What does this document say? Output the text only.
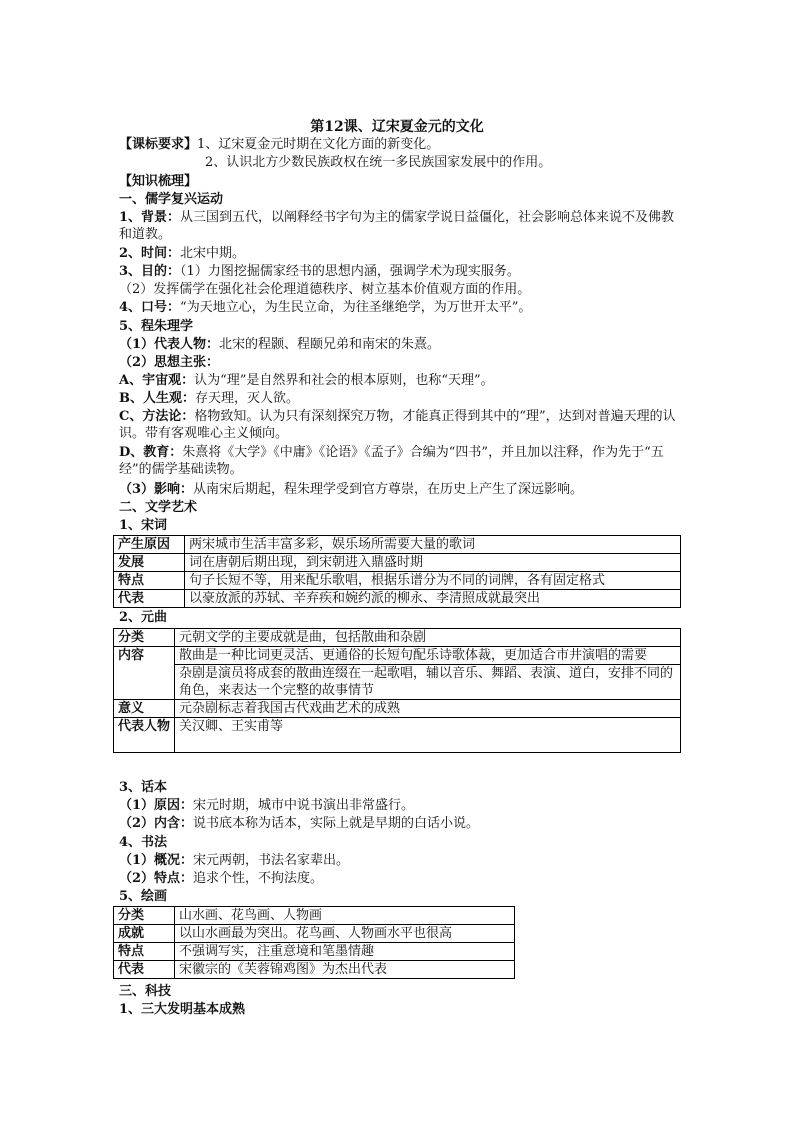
第12课、辽宋夏金元的文化
【课标要求】1、辽宋夏金元时期在文化方面的新变化。
2、认识北方少数民族政权在统一多民族国家发展中的作用。
【知识梳理】
一、儒学复兴运动
1、背景：从三国到五代，以阐释经书字句为主的儒家学说日益僵化，社会影响总体来说不及佛教和道教。
2、时间：北宋中期。
3、目的：（1）力图挖掘儒家经书的思想内涵，强调学术为现实服务。
（2）发挥儒学在强化社会伦理道德秩序、树立基本价值观方面的作用。
4、口号：“为天地立心，为生民立命，为往圣继绝学，为万世开太平”。
5、程朱理学
（1）代表人物：北宋的程颢、程颐兄弟和南宋的朱熹。
（2）思想主张：
A、宇宙观：认为“理”是自然界和社会的根本原则，也称“天理”。
B、人生观：存天理，灭人欲。
C、方法论：格物致知。认为只有深刻探究万物，才能真正得到其中的“理”，达到对普遍天理的认识。带有客观唯心主义倾向。
D、教育：朱熹将《大学》《中庸》《论语》《孟子》合编为“四书”，并且加以注释，作为先于“五经”的儒学基础读物。
（3）影响：从南宋后期起，程朱理学受到官方尊崇，在历史上产生了深远影响。
二、文学艺术
1、宋词
产生原因	两宋城市生活丰富多彩，娱乐场所需要大量的歌词
发展	词在唐朝后期出现，到宋朝进入鼎盛时期
特点	句子长短不等，用来配乐歌唱，根据乐谱分为不同的词牌，各有固定格式
代表	以豪放派的苏轼、辛弃疾和婉约派的柳永、李清照成就最突出
2、元曲
分类	元朝文学的主要成就是曲，包括散曲和杂剧
内容	散曲是一种比词更灵活、更通俗的长短句配乐诗歌体裁，更加适合市井演唱的需要
	杂剧是演员将成套的散曲连缀在一起歌唱，辅以音乐、舞蹈、表演、道白，安排不同的角色，来表达一个完整的故事情节
意义	元杂剧标志着我国古代戏曲艺术的成熟
代表人物	关汉卿、王实甫等
3、话本
（1）原因：宋元时期，城市中说书演出非常盛行。
（2）内含：说书底本称为话本，实际上就是早期的白话小说。
4、书法
（1）概况：宋元两朝，书法名家辈出。
（2）特点：追求个性，不拘法度。
5、绘画
分类	山水画、花鸟画、人物画
成就	以山水画最为突出。花鸟画、人物画水平也很高
特点	不强调写实，注重意境和笔墨情趣
代表	宋徽宗的《芙蓉锦鸡图》为杰出代表
三、科技
1、三大发明基本成熟
